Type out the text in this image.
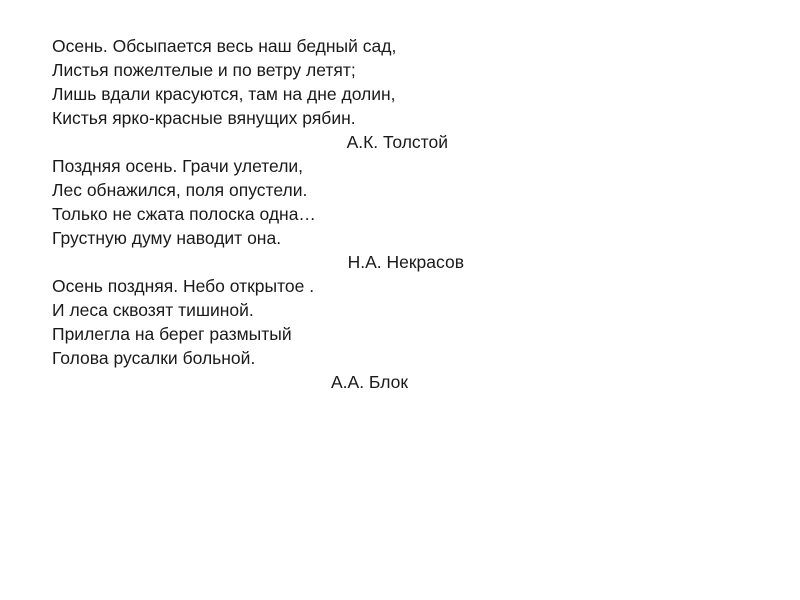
Осень. Обсыпается весь наш бедный сад,
Листья пожелтелые и по ветру летят;
Лишь вдали красуются, там на дне долин,
Кистья ярко-красные вянущих рябин.
А.К. Толстой
Поздняя осень. Грачи улетели,
Лес обнажился, поля опустели.
Только не сжата полоска одна…
Грустную думу наводит она.
Н.А. Некрасов
Осень поздняя. Небо открытое .
И леса сквозят тишиной.
Прилегла на берег размытый
Голова русалки больной.
А.А. Блок
